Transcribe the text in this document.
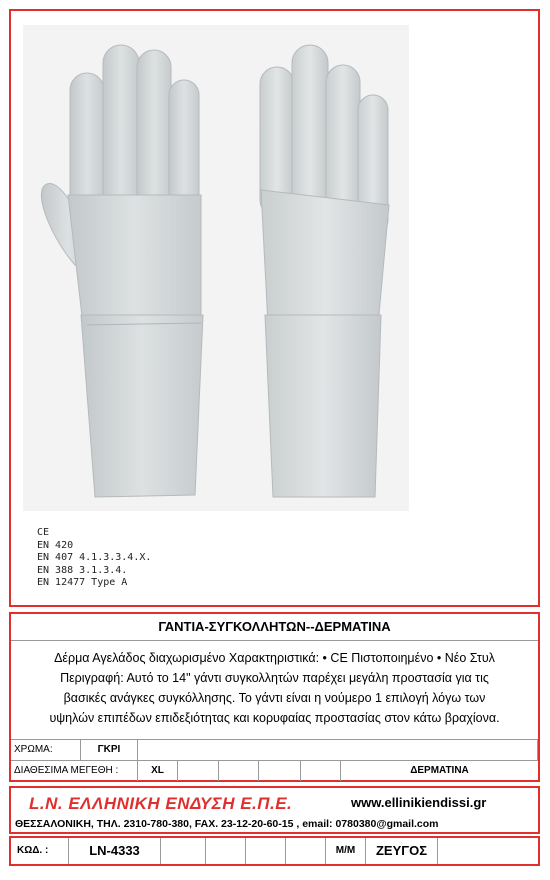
CE
EN 420
EN 407 4.1.3.3.4.X.
EN 388 3.1.3.4.
EN 12477 Type A
ΓΑΝΤΙΑ-ΣΥΓΚΟΛΛΗΤΩΝ--ΔΕΡΜΑΤΙΝΑ
Δέρμα Αγελάδος διαχωρισμένο Χαρακτηριστικά: • CE Πιστοποιημένο • Νέο Στυλ
Περιγραφή: Αυτό το 14" γάντι συγκολλητών παρέχει μεγάλη προστασία για τις
βασικές ανάγκες συγκόλλησης. Το γάντι είναι η νούμερο 1 επιλογή λόγω των
υψηλών επιπέδων επιδεξιότητας και κορυφαίας προστασίας στον κάτω βραχίονα.
ΧΡΩΜΑ:	ΓΚΡΙ
ΔΙΑΘΕΣΙΜΑ ΜΕΓΕΘΗ :	XL	ΔΕΡΜΑΤΙΝΑ
L.N. ΕΛΛΗΝΙΚΗ ΕΝΔΥΣΗ Ε.Π.Ε.	www.ellinikiendissi.gr
ΘΕΣΣΑΛΟΝΙΚΗ, ΤΗΛ. 2310-780-380, FAX. 23-12-20-60-15 , email: 0780380@gmail.com
ΚΩΔ. :	LN-4333	Μ/Μ	ΖΕΥΓΟΣ
